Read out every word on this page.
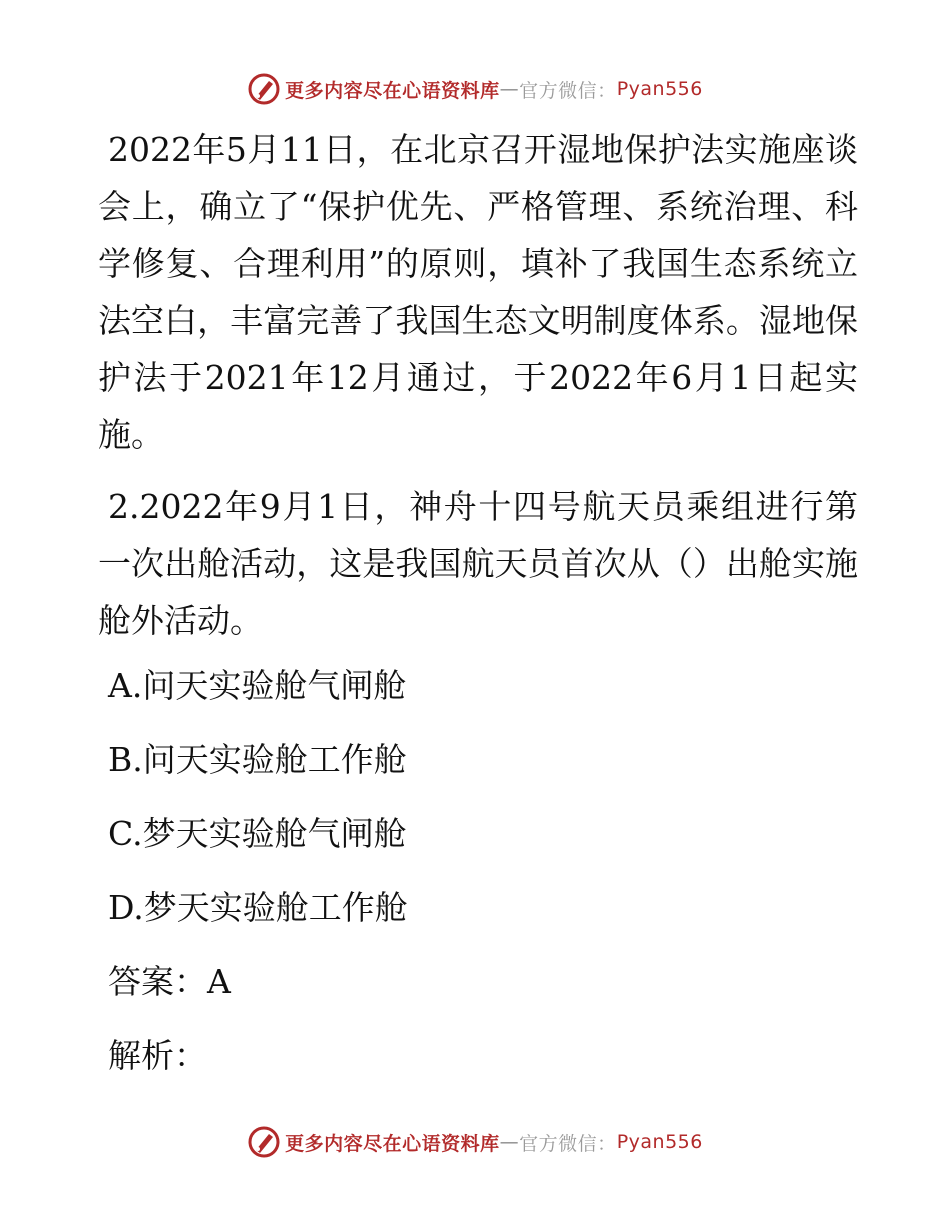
更多内容尽在心语资料库 — 官方微信： Pyan556

2022年5月11日，在北京召开湿地保护法实施座谈会上，确立了“保护优先、严格管理、系统治理、科学修复、合理利用”的原则，填补了我国生态系统立法空白，丰富完善了我国生态文明制度体系。湿地保护法于2021年12月通过，于2022年6月1日起实施。

2.2022年9月1日，神舟十四号航天员乘组进行第一次出舱活动，这是我国航天员首次从（）出舱实施舱外活动。

A.问天实验舱气闸舱

B.问天实验舱工作舱

C.梦天实验舱气闸舱

D.梦天实验舱工作舱

答案：A

解析：

更多内容尽在心语资料库 — 官方微信： Pyan556
